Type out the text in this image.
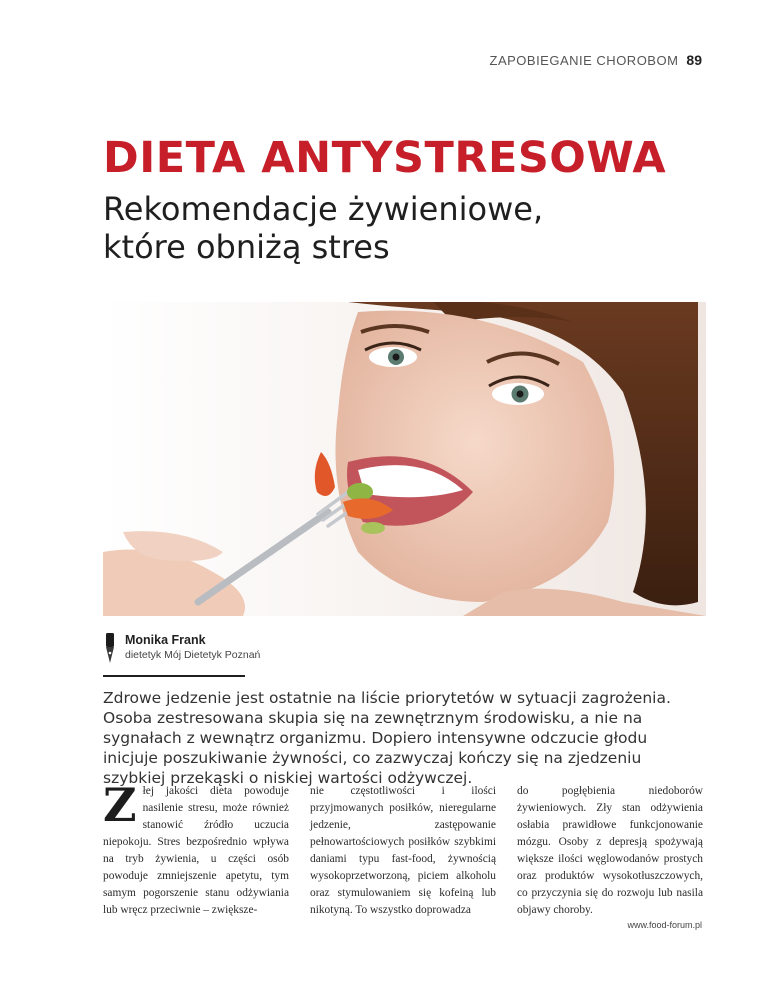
ZAPOBIEGANIE CHOROBOM 89
DIETA ANTYSTRESOWA
Rekomendacje żywieniowe,
które obniżą stres
Monika Frank
dietetyk Mój Dietetyk Poznań

Zdrowe jedzenie jest ostatnie na liście priorytetów w sytuacji zagrożenia. Osoba zestresowana skupia się na zewnętrznym środowisku, a nie na sygnałach z wewnątrz organizmu. Dopiero intensywne odczucie głodu inicjuje poszukiwanie żywności, co zazwyczaj kończy się na zjedzeniu szybkiej przekąski o niskiej wartości odżywczej.

Złej jakości dieta powoduje nasilenie stresu, może również stanowić źródło uczucia niepokoju. Stres bezpośrednio wpływa na tryb żywienia, u części osób powoduje zmniejszenie apetytu, tym samym pogorszenie stanu odżywiania lub wręcz przeciwnie – zwiększe-

nie częstotliwości i ilości przyjmowanych posiłków, nieregularne jedzenie, zastępowanie pełnowartościowych posiłków szybkimi daniami typu fast-food, żywnością wysokoprzetworzoną, piciem alkoholu oraz stymulowaniem się kofeiną lub nikotyną. To wszystko doprowadza

do pogłębienia niedoborów żywieniowych. Zły stan odżywienia osłabia prawidłowe funkcjonowanie mózgu. Osoby z depresją spożywają większe ilości węglowodanów prostych oraz produktów wysokotłuszczowych, co przyczynia się do rozwoju lub nasila objawy choroby.

www.food-forum.pl
